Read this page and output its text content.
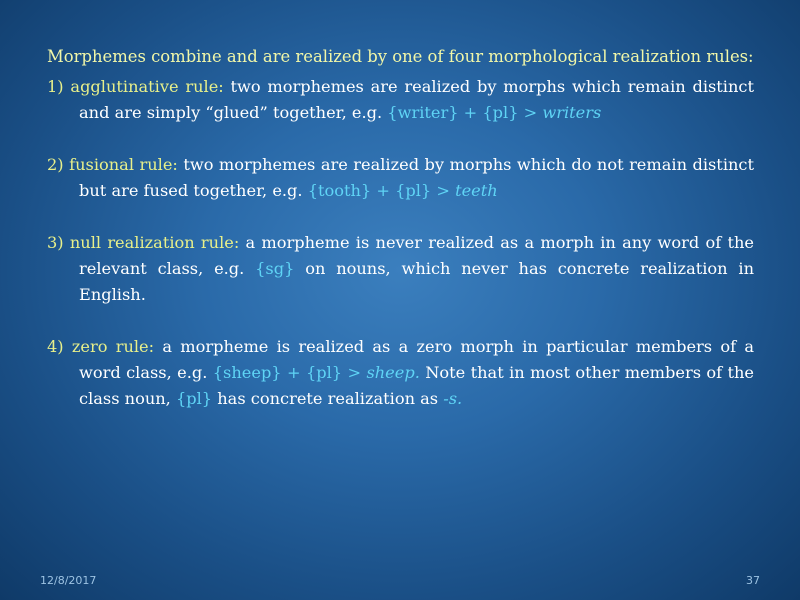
Morphemes combine and are realized by one of four morphological realization rules:

1) agglutinative rule: two morphemes are realized by morphs which remain distinct and are simply “glued” together, e.g. {writer} + {pl} > writers

2) fusional rule: two morphemes are realized by morphs which do not remain distinct but are fused together, e.g. {tooth} + {pl} > teeth

3) null realization rule: a morpheme is never realized as a morph in any word of the relevant class, e.g. {sg} on nouns, which never has concrete realization in English.

4) zero rule: a morpheme is realized as a zero morph in particular members of a word class, e.g. {sheep} + {pl} > sheep. Note that in most other members of the class noun, {pl} has concrete realization as -s.

12/8/2017	37
